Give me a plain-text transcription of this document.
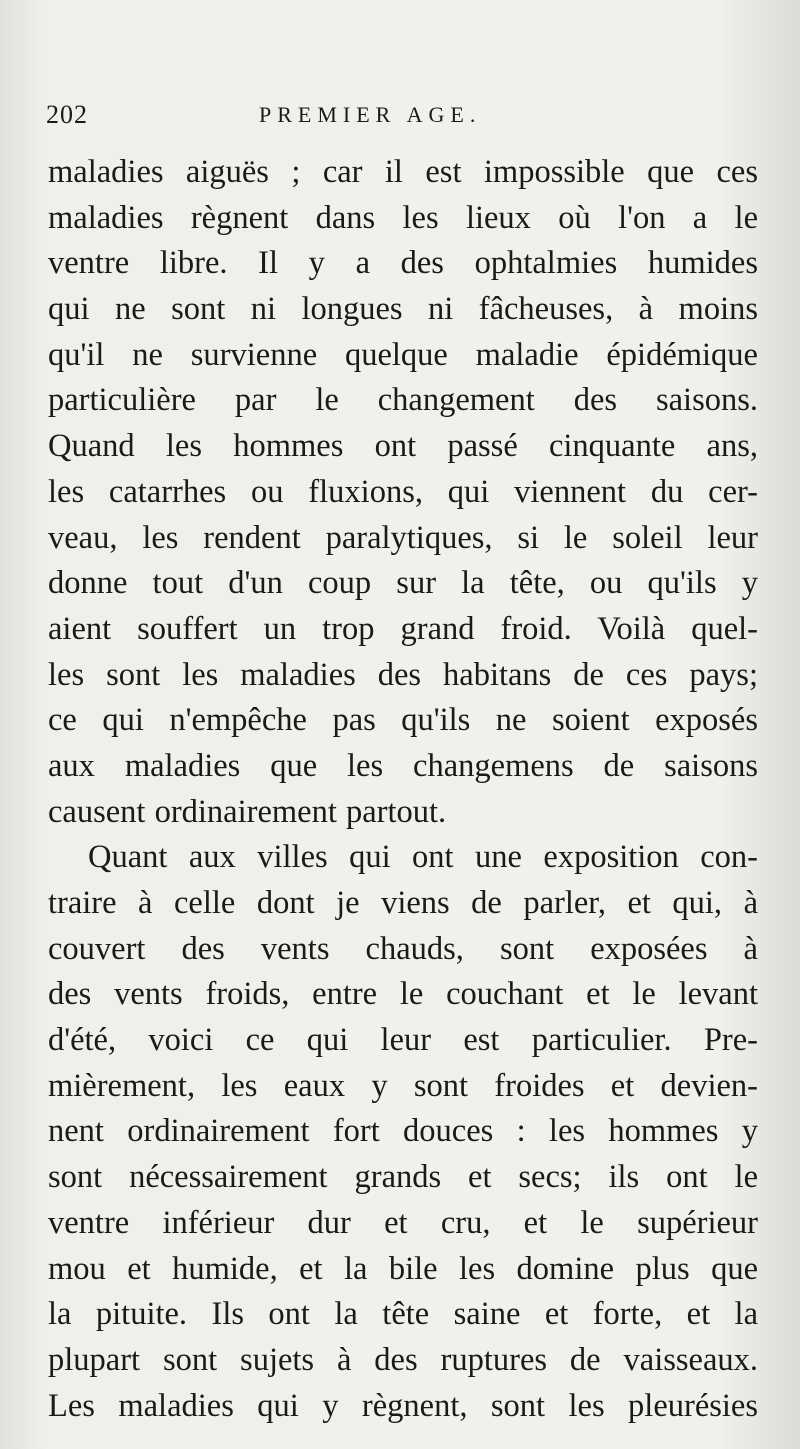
202	PREMIER AGE.
maladies aiguës ; car il est impossible que ces
maladies règnent dans les lieux où l'on a le
ventre libre. Il y a des ophtalmies humides
qui ne sont ni longues ni fâcheuses, à moins
qu'il ne survienne quelque maladie épidémique
particulière par le changement des saisons.
Quand les hommes ont passé cinquante ans,
les catarrhes ou fluxions, qui viennent du cer-
veau, les rendent paralytiques, si le soleil leur
donne tout d'un coup sur la tête, ou qu'ils y
aient souffert un trop grand froid. Voilà quel-
les sont les maladies des habitans de ces pays;
ce qui n'empêche pas qu'ils ne soient exposés
aux maladies que les changemens de saisons
causent ordinairement partout.
Quant aux villes qui ont une exposition con-
traire à celle dont je viens de parler, et qui, à
couvert des vents chauds, sont exposées à
des vents froids, entre le couchant et le levant
d'été, voici ce qui leur est particulier. Pre-
mièrement, les eaux y sont froides et devien-
nent ordinairement fort douces : les hommes y
sont nécessairement grands et secs; ils ont le
ventre inférieur dur et cru, et le supérieur
mou et humide, et la bile les domine plus que
la pituite. Ils ont la tête saine et forte, et la
plupart sont sujets à des ruptures de vaisseaux.
Les maladies qui y règnent, sont les pleurésies
